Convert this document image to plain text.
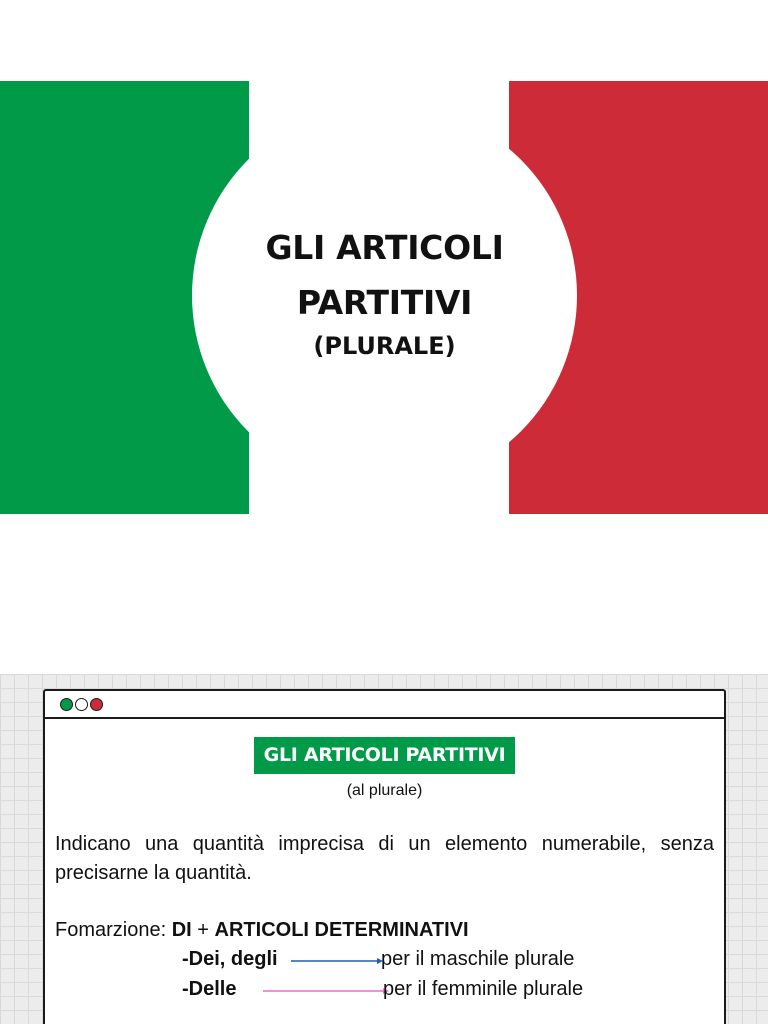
GLI ARTICOLI PARTITIVI
(PLURALE)
GLI ARTICOLI PARTITIVI
(al plurale)
Indicano una quantità imprecisa di un elemento numerabile, senza precisarne la quantità.
Fomarzione: DI + ARTICOLI DETERMINATIVI
-Dei, degli	per il maschile plurale
-Delle	per il femminile plurale
